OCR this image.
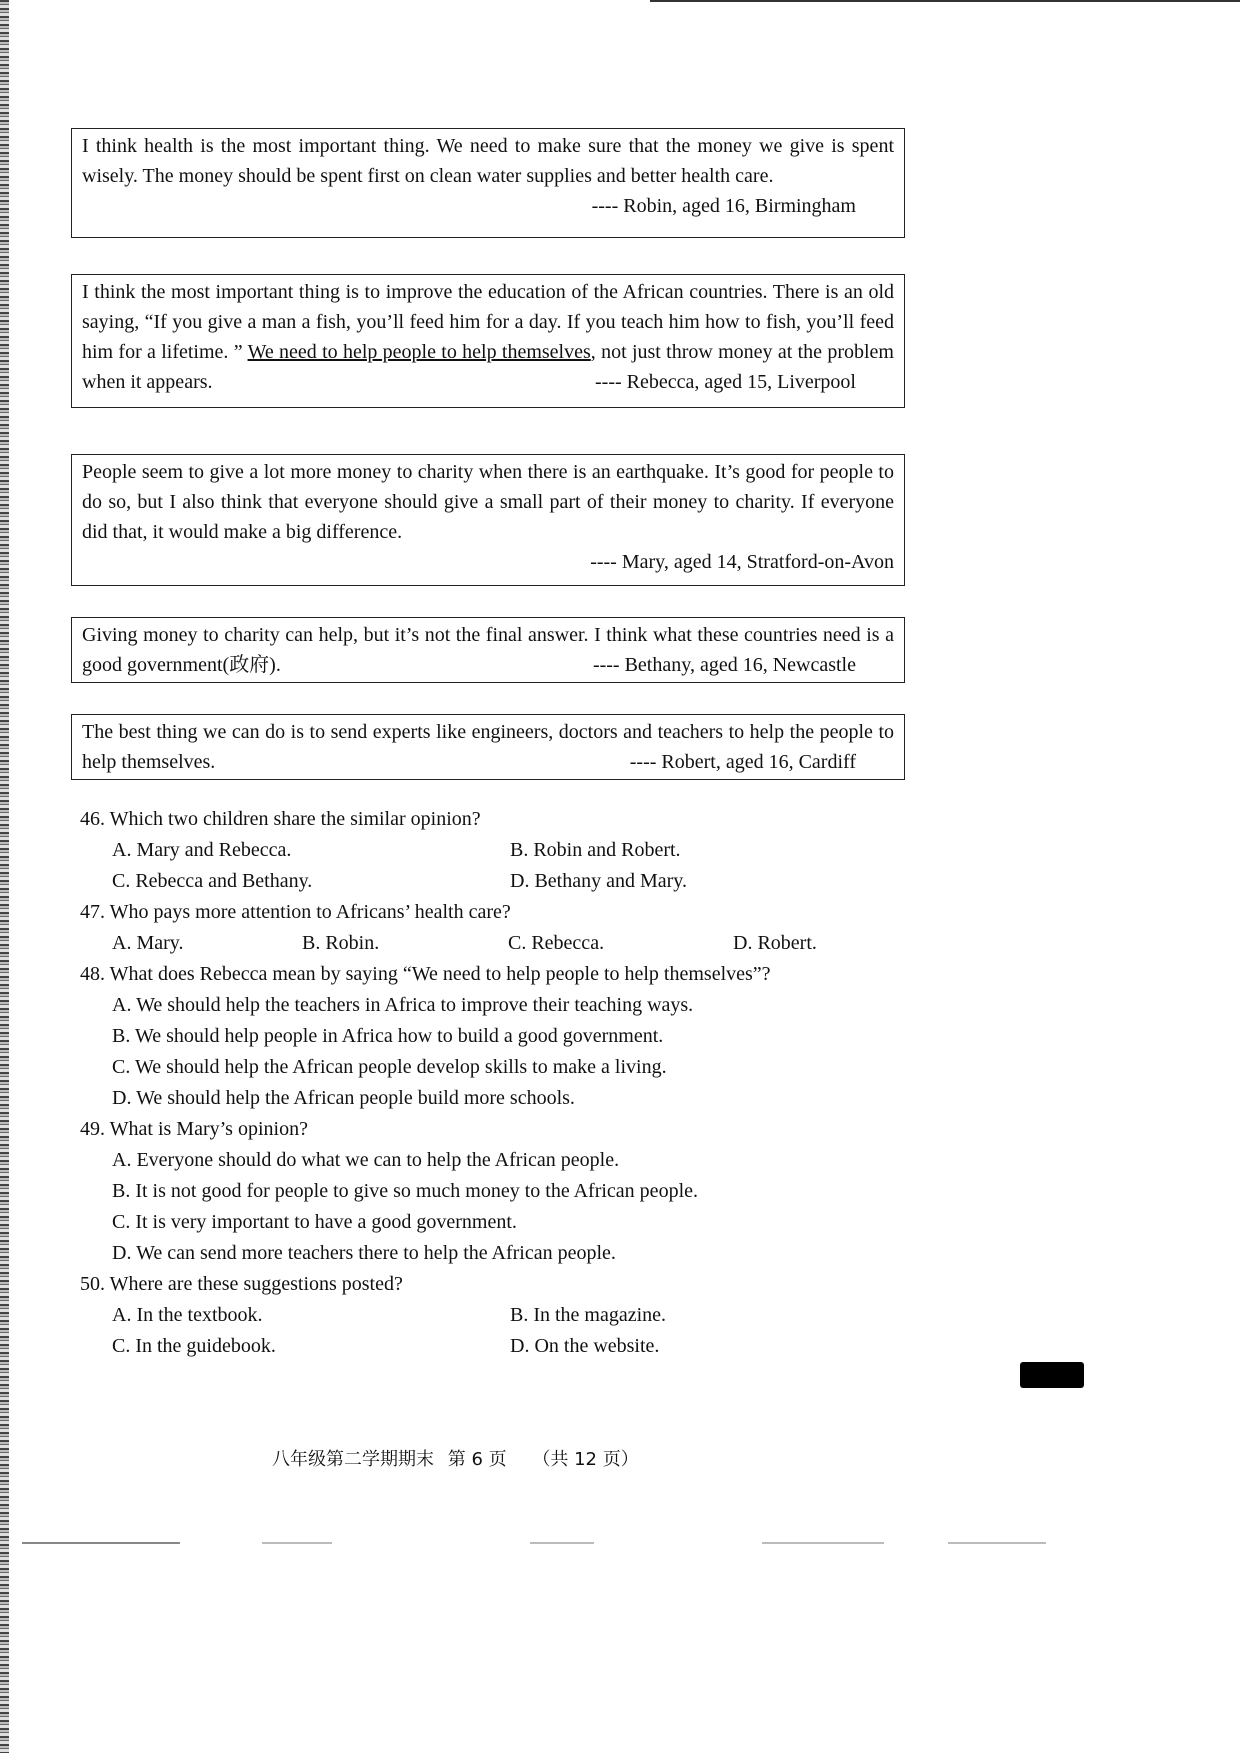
I think health is the most important thing. We need to make sure that the money we give is spent wisely. The money should be spent first on clean water supplies and better health care.

---- Robin, aged 16, Birmingham

I think the most important thing is to improve the education of the African countries. There is an old saying, “If you give a man a fish, you’ll feed him for a day. If you teach him how to fish, you’ll feed him for a lifetime. ” We need to help people to help themselves, not just throw money at the problem when it appears.	---- Rebecca, aged 15, Liverpool

People seem to give a lot more money to charity when there is an earthquake. It’s good for people to do so, but I also think that everyone should give a small part of their money to charity. If everyone did that, it would make a big difference.

---- Mary, aged 14, Stratford-on-Avon

Giving money to charity can help, but it’s not the final answer. I think what these countries need is a good government(政府).	---- Bethany, aged 16, Newcastle

The best thing we can do is to send experts like engineers, doctors and teachers to help the people to help themselves.	---- Robert, aged 16, Cardiff

46. Which two children share the similar opinion?
A. Mary and Rebecca.	B. Robin and Robert.
C. Rebecca and Bethany.	D. Bethany and Mary.
47. Who pays more attention to Africans’ health care?
A. Mary.	B. Robin.	C. Rebecca.	D. Robert.
48. What does Rebecca mean by saying “We need to help people to help themselves”?
A. We should help the teachers in Africa to improve their teaching ways.
B. We should help people in Africa how to build a good government.
C. We should help the African people develop skills to make a living.
D. We should help the African people build more schools.
49. What is Mary’s opinion?
A. Everyone should do what we can to help the African people.
B. It is not good for people to give so much money to the African people.
C. It is very important to have a good government.
D. We can send more teachers there to help the African people.
50. Where are these suggestions posted?
A. In the textbook.	B. In the magazine.
C. In the guidebook.	D. On the website.
八年级第二学期期末 第 6 页 （共 12 页）
